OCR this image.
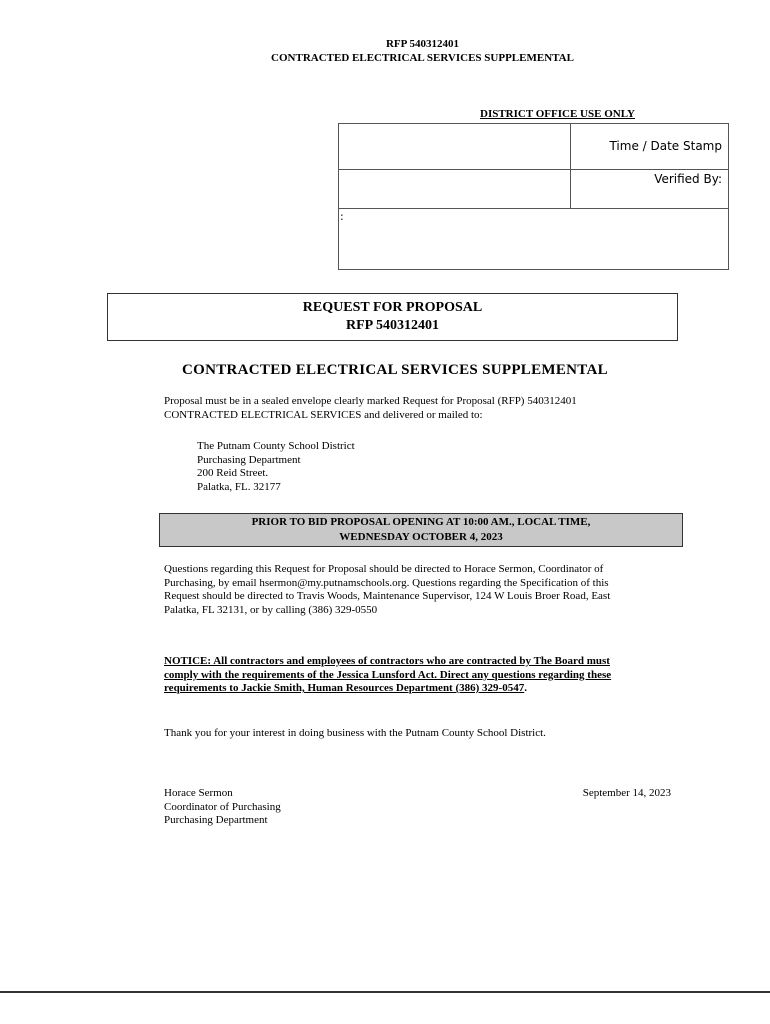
RFP 540312401
CONTRACTED ELECTRICAL SERVICES SUPPLEMENTAL
DISTRICT OFFICE USE ONLY
Time / Date Stamp
Verified By:
:
REQUEST FOR PROPOSAL
RFP 540312401
CONTRACTED ELECTRICAL SERVICES SUPPLEMENTAL
Proposal must be in a sealed envelope clearly marked Request for Proposal (RFP) 540312401
CONTRACTED ELECTRICAL SERVICES and delivered or mailed to:
The Putnam County School District
Purchasing Department
200 Reid Street.
Palatka, FL. 32177
PRIOR TO BID PROPOSAL OPENING AT 10:00 AM., LOCAL TIME,
WEDNESDAY OCTOBER 4, 2023
Questions regarding this Request for Proposal should be directed to Horace Sermon, Coordinator of
Purchasing, by email hsermon@my.putnamschools.org. Questions regarding the Specification of this
Request should be directed to Travis Woods, Maintenance Supervisor, 124 W Louis Broer Road, East
Palatka, FL 32131, or by calling (386) 329-0550
NOTICE: All contractors and employees of contractors who are contracted by The Board must
comply with the requirements of the Jessica Lunsford Act. Direct any questions regarding these
requirements to Jackie Smith, Human Resources Department (386) 329-0547.
Thank you for your interest in doing business with the Putnam County School District.
Horace Sermon
Coordinator of Purchasing
Purchasing Department
September 14, 2023
